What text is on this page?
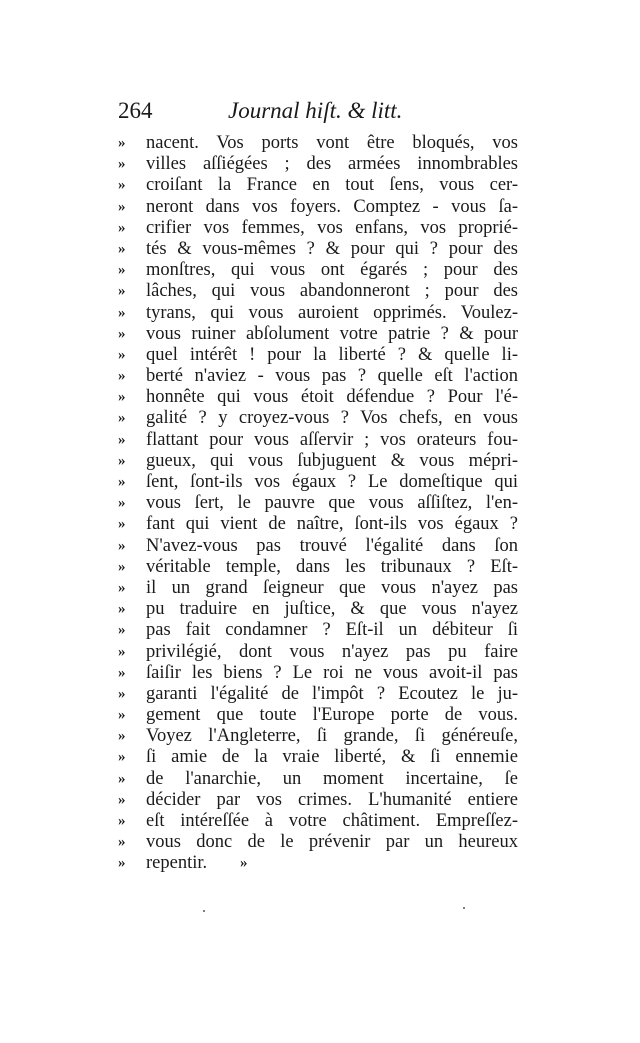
264	Journal hiſt. & litt.
»	nacent. Vos ports vont être bloqués, vos
»	villes aſſiégées ; des armées innombrables
»	croiſant la France en tout ſens, vous cer-
»	neront dans vos foyers. Comptez - vous ſa-
»	crifier vos femmes, vos enfans, vos proprié-
»	tés & vous-mêmes ? & pour qui ? pour des
»	monſtres, qui vous ont égarés ; pour des
»	lâches, qui vous abandonneront ; pour des
»	tyrans, qui vous auroient opprimés. Voulez-
»	vous ruiner abſolument votre patrie ? & pour
»	quel intérêt ! pour la liberté ? & quelle li-
»	berté n'aviez - vous pas ? quelle eſt l'action
»	honnête qui vous étoit défendue ? Pour l'é-
»	galité ? y croyez-vous ? Vos chefs, en vous
»	flattant pour vous aſſervir ; vos orateurs fou-
»	gueux, qui vous ſubjuguent & vous mépri-
»	ſent, ſont-ils vos égaux ? Le domeſtique qui
»	vous ſert, le pauvre que vous aſſiſtez, l'en-
»	fant qui vient de naître, ſont-ils vos égaux ?
»	N'avez-vous pas trouvé l'égalité dans ſon
»	véritable temple, dans les tribunaux ? Eſt-
»	il un grand ſeigneur que vous n'ayez pas
»	pu traduire en juſtice, & que vous n'ayez
»	pas fait condamner ? Eſt-il un débiteur ſi
»	privilégié, dont vous n'ayez pas pu faire
»	ſaiſir les biens ? Le roi ne vous avoit-il pas
»	garanti l'égalité de l'impôt ? Ecoutez le ju-
»	gement que toute l'Europe porte de vous.
»	Voyez l'Angleterre, ſi grande, ſi généreuſe,
»	ſi amie de la vraie liberté, & ſi ennemie
»	de l'anarchie, un moment incertaine, ſe
»	décider par vos crimes. L'humanité entiere
»	eſt intéreſſée à votre châtiment. Empreſſez-
»	vous donc de le prévenir par un heureux
»	repentir.	»
